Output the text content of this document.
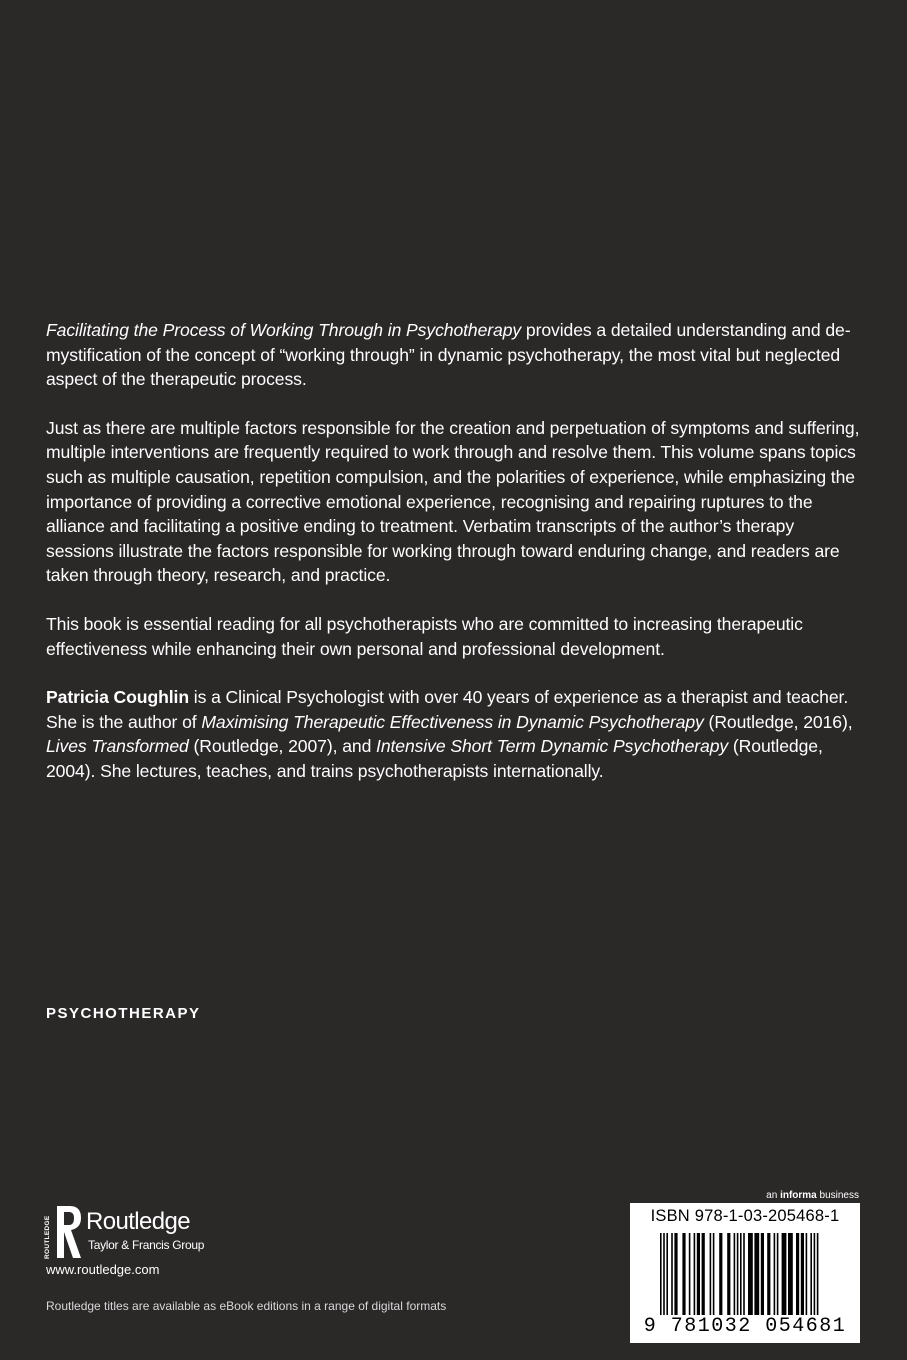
Facilitating the Process of Working Through in Psychotherapy provides a detailed understanding and de-mystification of the concept of “working through” in dynamic psychotherapy, the most vital but neglected aspect of the therapeutic process.

Just as there are multiple factors responsible for the creation and perpetuation of symptoms and suffering, multiple interventions are frequently required to work through and resolve them. This volume spans topics such as multiple causation, repetition compulsion, and the polarities of experience, while emphasizing the importance of providing a corrective emotional experience, recognising and repairing ruptures to the alliance and facilitating a positive ending to treatment. Verbatim transcripts of the author’s therapy sessions illustrate the factors responsible for working through toward enduring change, and readers are taken through theory, research, and practice.

This book is essential reading for all psychotherapists who are committed to increasing therapeutic effectiveness while enhancing their own personal and professional development.

Patricia Coughlin is a Clinical Psychologist with over 40 years of experience as a therapist and teacher. She is the author of Maximising Therapeutic Effectiveness in Dynamic Psychotherapy (Routledge, 2016), Lives Transformed (Routledge, 2007), and Intensive Short Term Dynamic Psychotherapy (Routledge, 2004). She lectures, teaches, and trains psychotherapists internationally.

PSYCHOTHERAPY
ROUTLEDGE Routledge
Taylor & Francis Group
www.routledge.com
Routledge titles are available as eBook editions in a range of digital formats
an informa business
ISBN 978-1-03-205468-1
9 781032 054681
